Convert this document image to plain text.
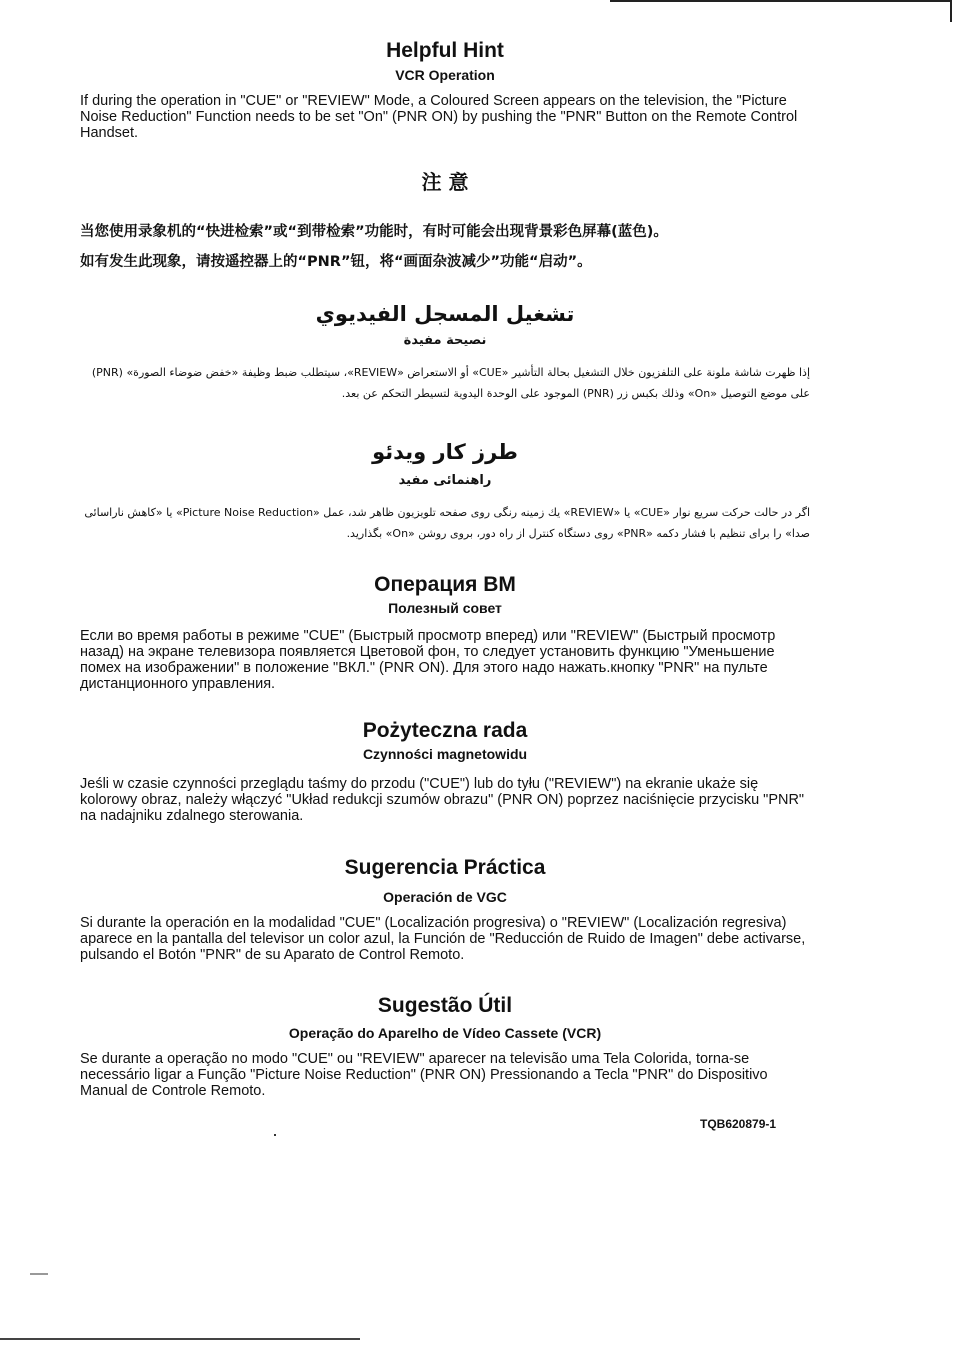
Helpful Hint
VCR Operation

If during the operation in "CUE" or "REVIEW" Mode, a Coloured Screen appears on the television, the "Picture Noise Reduction" Function needs to be set "On" (PNR ON) by pushing the "PNR" Button on the Remote Control Handset.

注 意

当您使用录象机的“快进检索”或“到带检索”功能时，有时可能会出现背景彩色屏幕(蓝色)。

如有发生此现象，请按遥控器上的“PNR”钮，将“画面杂波减少”功能“启动”。

تشغيل المسجل الفيديوي
نصيحة مفيدة

إذا ظهرت شاشة ملونة على التلفزيون خلال التشغيل بحالة التأشير «CUE» أو الاستعراض «REVIEW»، سيتطلب ضبط وظيفة «خفض ضوضاء الصورة» (PNR) على موضع التوصيل «On» وذلك بكبس زر (PNR) الموجود على الوحدة اليدوية لتسيطر التحكم عن بعد.

طرز كار ويدئو
راهنمائى مفيد

اگر در حالت حركت سريع نوار «CUE» يا «REVIEW» يك زمينه رنگى روى صفحه تلويزيون ظاهر شد، عمل «Picture Noise Reduction» يا «كاهش ناراسائى صدا» را براى تنظيم با فشار دكمه «PNR» روى دستگاه كنترل از راه دور، بروى روشن «On» بگذاريد.

Операция ВМ
Полезный совет

Если во время работы в режиме "CUE" (Быстрый просмотр вперед) или "REVIEW" (Быстрый просмотр назад) на экране телевизора появляется Цветовой фон, то следует установить функцию "Уменьшение помех на изображении" в положение "ВКЛ." (PNR ON). Для этого надо нажать.кнопку "PNR" на пульте дистанционного управления.

Pożyteczna rada
Czynności magnetowidu

Jeśli w czasie czynności przeglądu taśmy do przodu ("CUE") lub do tyłu ("REVIEW") na ekranie ukaże się kolorowy obraz, należy włączyć "Układ redukcji szumów obrazu" (PNR ON) poprzez naciśnięcie przycisku "PNR" na nadajniku zdalnego sterowania.

Sugerencia Práctica
Operación de VGC

Si durante la operación en la modalidad "CUE" (Localización progresiva) o "REVIEW" (Localización regresiva) aparece en la pantalla del televisor un color azul, la Función de "Reducción de Ruido de Imagen" debe activarse, pulsando el Botón "PNR" de su Aparato de Control Remoto.

Sugestão Útil
Operação do Aparelho de Vídeo Cassete (VCR)

Se durante a operação no modo "CUE" ou "REVIEW" aparecer na televisão uma Tela Colorida, torna-se necessário ligar a Função "Picture Noise Reduction" (PNR ON) Pressionando a Tecla "PNR" do Dispositivo Manual de Controle Remoto.

TQB620879-1
